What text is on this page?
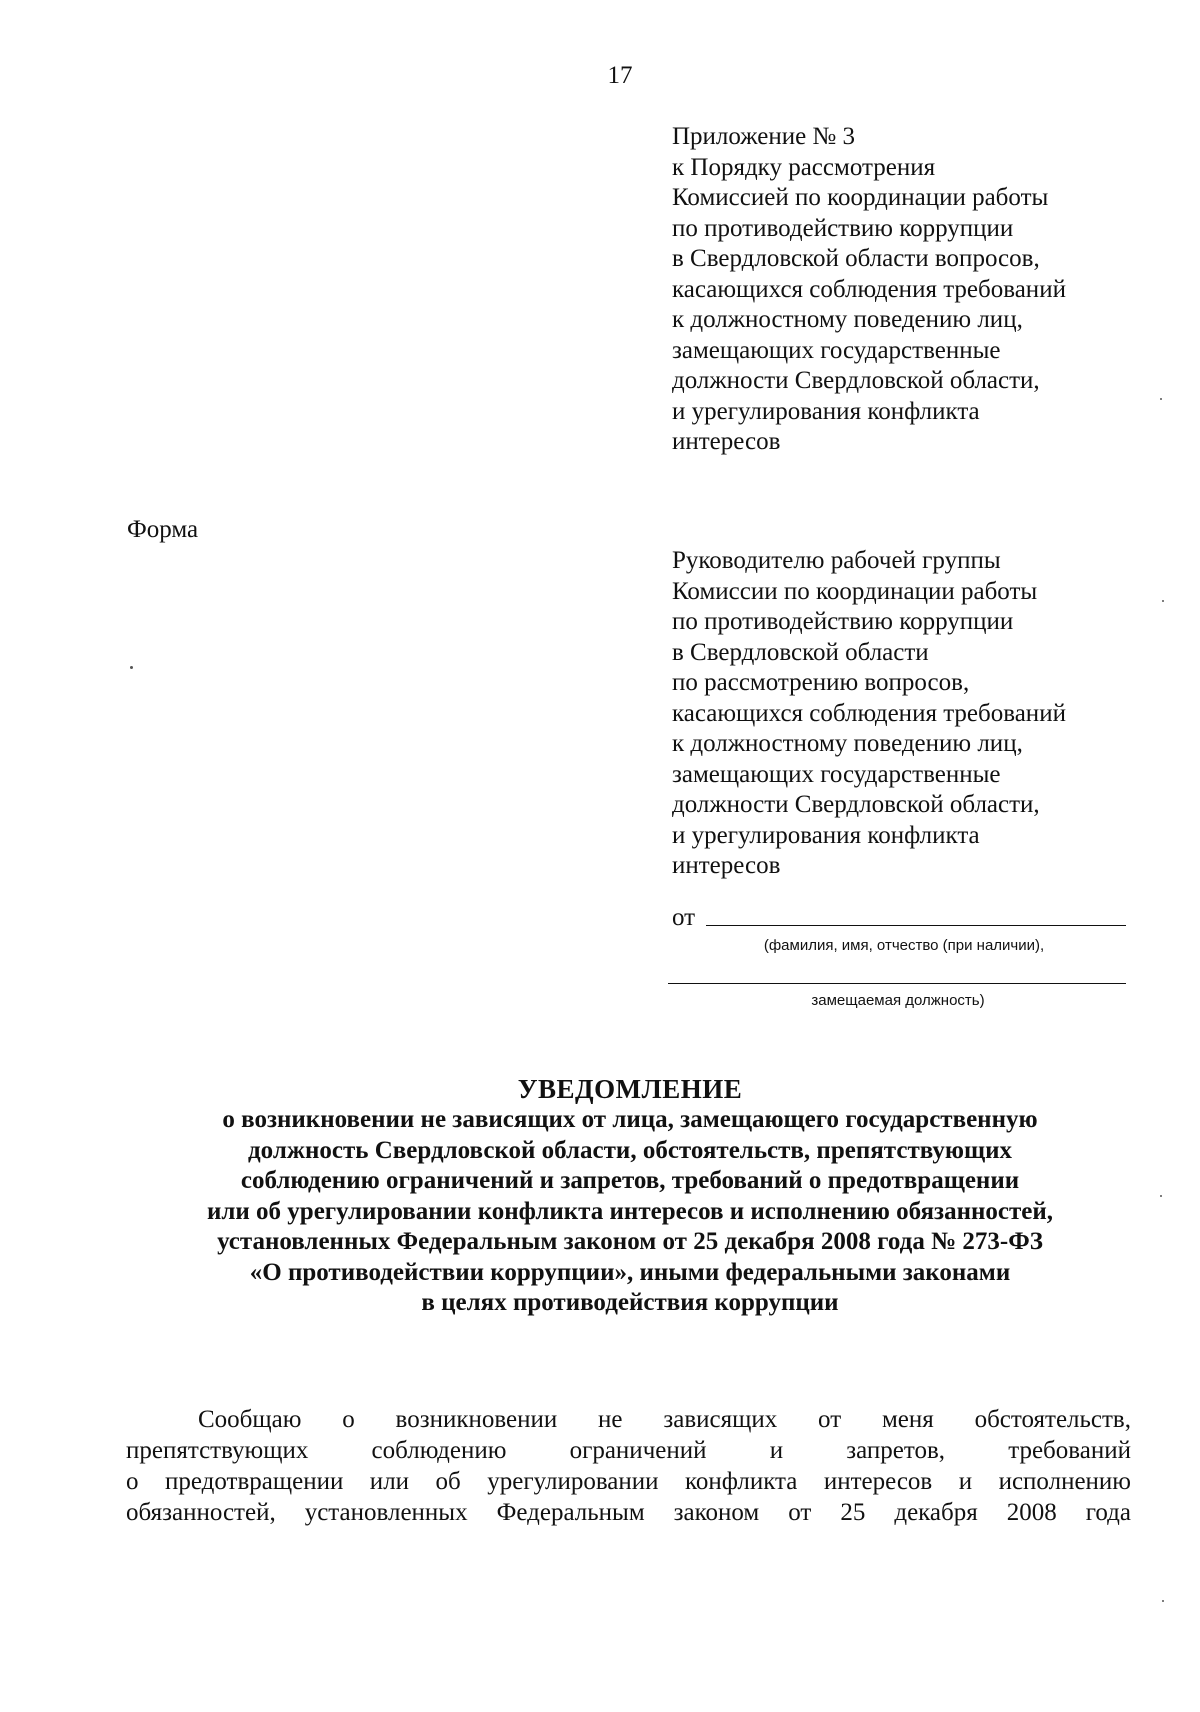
17
Приложение № 3
к Порядку рассмотрения
Комиссией по координации работы
по противодействию коррупции
в Свердловской области вопросов,
касающихся соблюдения требований
к должностному поведению лиц,
замещающих государственные
должности Свердловской области,
и урегулирования конфликта
интересов
Форма
Руководителю рабочей группы
Комиссии по координации работы
по противодействию коррупции
в Свердловской области
по рассмотрению вопросов,
касающихся соблюдения требований
к должностному поведению лиц,
замещающих государственные
должности Свердловской области,
и урегулирования конфликта
интересов
от
(фамилия, имя, отчество (при наличии),
замещаемая должность)
УВЕДОМЛЕНИЕ
о возникновении не зависящих от лица, замещающего государственную
должность Свердловской области, обстоятельств, препятствующих
соблюдению ограничений и запретов, требований о предотвращении
или об урегулировании конфликта интересов и исполнению обязанностей,
установленных Федеральным законом от 25 декабря 2008 года № 273-ФЗ
«О противодействии коррупции», иными федеральными законами
в целях противодействия коррупции
Сообщаю о возникновении не зависящих от меня обстоятельств,
препятствующих соблюдению ограничений и запретов, требований
о предотвращении или об урегулировании конфликта интересов и исполнению
обязанностей, установленных Федеральным законом от 25 декабря 2008 года
